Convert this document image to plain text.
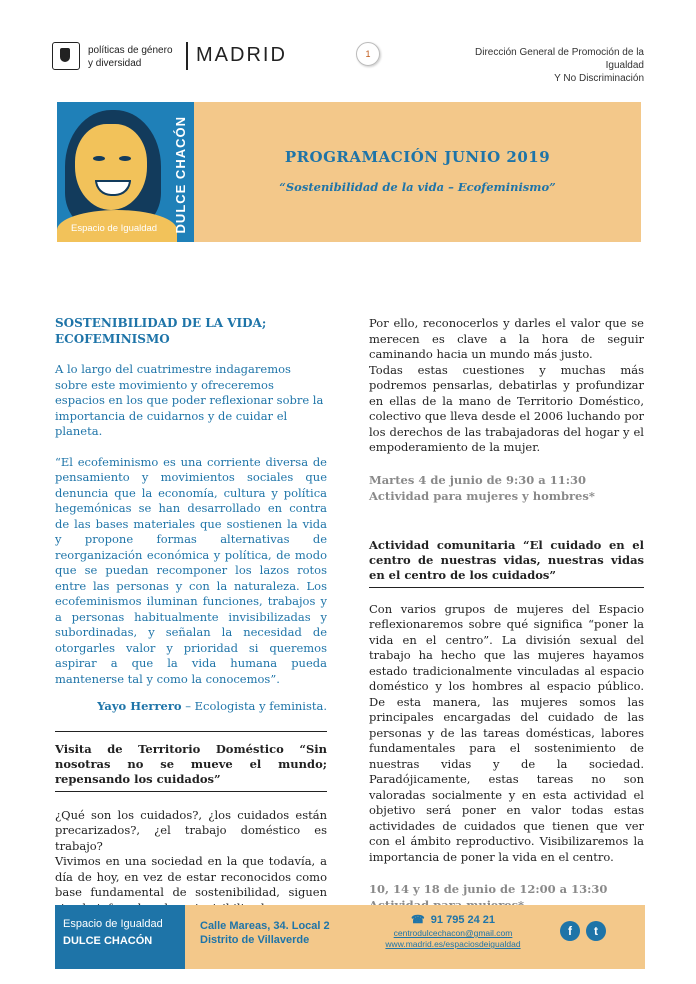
políticas de género
y diversidad	MADRID	1	Dirección General de Promoción de la
Igualdad
Y No Discriminación
DULCE CHACÓN
Espacio de Igualdad
PROGRAMACIÓN JUNIO 2019
“Sostenibilidad de la vida – Ecofeminismo”
SOSTENIBILIDAD DE LA VIDA;
ECOFEMINISMO

A lo largo del cuatrimestre indagaremos sobre este movimiento y ofreceremos espacios en los que poder reflexionar sobre la importancia de cuidarnos y de cuidar el planeta.

“El ecofeminismo es una corriente diversa de pensamiento y movimientos sociales que denuncia que la economía, cultura y política hegemónicas se han desarrollado en contra de las bases materiales que sostienen la vida y propone formas alternativas de reorganización económica y política, de modo que se puedan recomponer los lazos rotos entre las personas y con la naturaleza. Los ecofeminismos iluminan funciones, trabajos y a personas habitualmente invisibilizadas y subordinadas, y señalan la necesidad de otorgarles valor y prioridad si queremos aspirar a que la vida humana pueda mantenerse tal y como la conocemos”.

Yayo Herrero – Ecologista y feminista.

Visita de Territorio Doméstico “Sin nosotras no se mueve el mundo; repensando los cuidados”

¿Qué son los cuidados?, ¿los cuidados están precarizados?, ¿el trabajo doméstico es trabajo?

Vivimos en una sociedad en la que todavía, a día de hoy, en vez de estar reconocidos como base fundamental de sostenibilidad, siguen

Por ello, reconocerlos y darles el valor que se merecen es clave a la hora de seguir caminando hacia un mundo más justo.

Todas estas cuestiones y muchas más podremos pensarlas, debatirlas y profundizar en ellas de la mano de Territorio Doméstico, colectivo que lleva desde el 2006 luchando por los derechos de las trabajadoras del hogar y el empoderamiento de la mujer.

Martes 4 de junio de 9:30 a 11:30
Actividad para mujeres y hombres*

Actividad comunitaria “El cuidado en el centro de nuestras vidas, nuestras vidas en el centro de los cuidados”

Con varios grupos de mujeres del Espacio reflexionaremos sobre qué significa “poner la vida en el centro”. La división sexual del trabajo ha hecho que las mujeres hayamos estado tradicionalmente vinculadas al espacio doméstico y los hombres al espacio público. De esta manera, las mujeres somos las principales encargadas del cuidado de las personas y de las tareas domésticas, labores fundamentales para el sostenimiento de nuestras vidas y de la sociedad. Paradójicamente, estas tareas no son valoradas socialmente y en esta actividad el objetivo será poner en valor todas estas actividades de cuidados que tienen que ver con el ámbito reproductivo. Visibilizaremos la importancia de poner la vida en el centro.

10, 14 y 18 de junio de 12:00 a 13:30
Espacio de Igualdad
DULCE CHACÓN
Calle Mareas, 34. Local 2
Distrito de Villaverde
☎ 91 795 24 21
centrodulcechacon@gmail.com
www.madrid.es/espaciosdeigualdad
f	t
